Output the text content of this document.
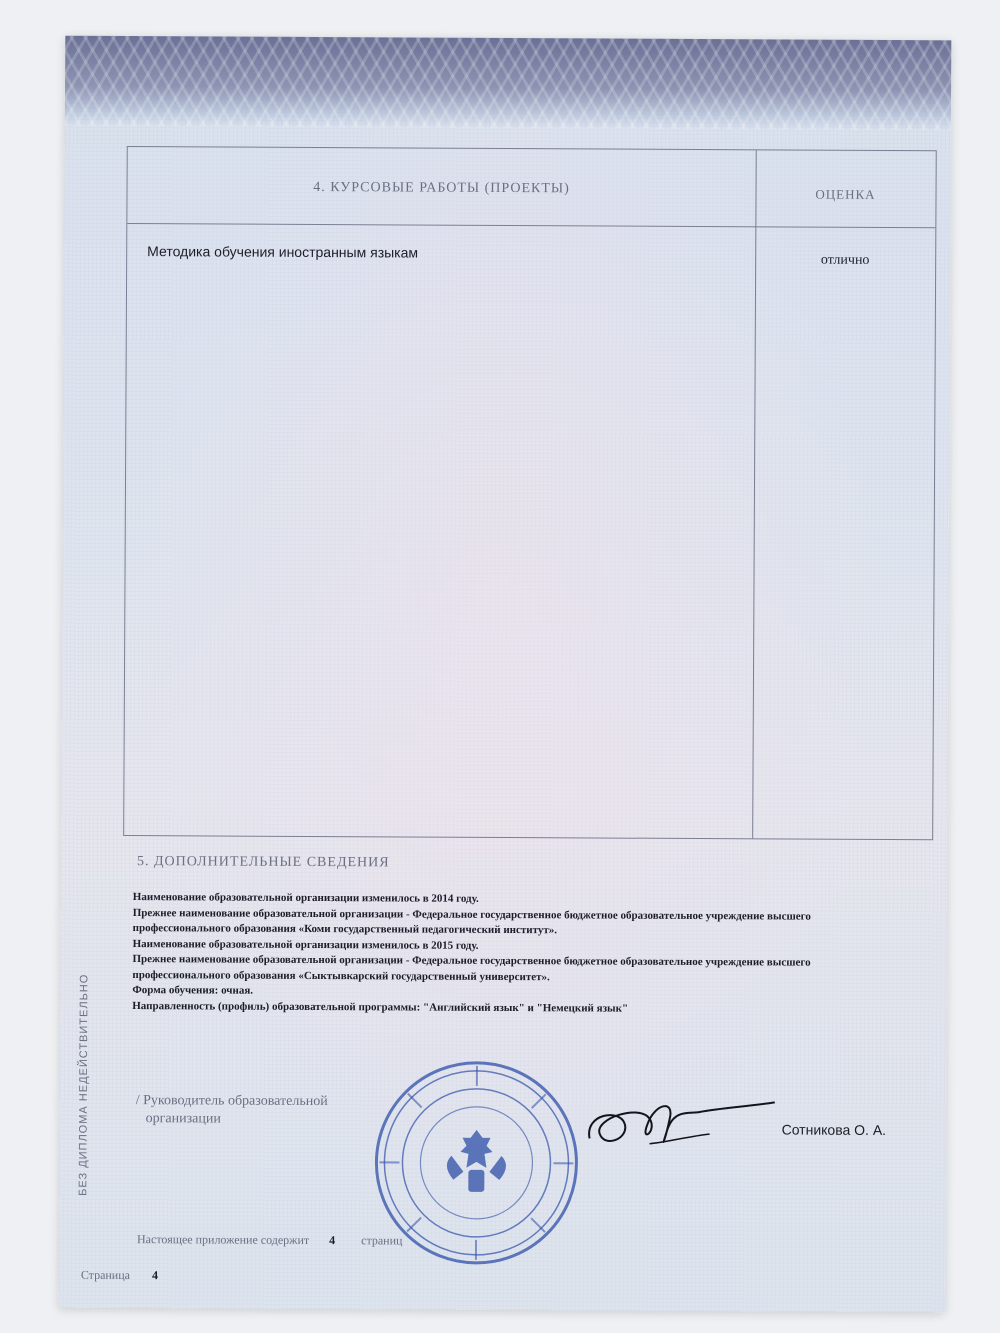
4. КУРСОВЫЕ РАБОТЫ (ПРОЕКТЫ)	ОЦЕНКА
Методика обучения иностранным языкам	отлично
5. ДОПОЛНИТЕЛЬНЫЕ СВЕДЕНИЯ
Наименование образовательной организации изменилось в 2014 году.
Прежнее наименование образовательной организации - Федеральное государственное бюджетное образовательное учреждение высшего
профессионального образования «Коми государственный педагогический институт».
Наименование образовательной организации изменилось в 2015 году.
Прежнее наименование образовательной организации - Федеральное государственное бюджетное образовательное учреждение высшего
профессионального образования «Сыктывкарский государственный университет».
Форма обучения: очная.
Направленность (профиль) образовательной программы: "Английский язык" и "Немецкий язык"
БЕЗ ДИПЛОМА НЕДЕЙСТВИТЕЛЬНО	/ Руководитель образовательной
организации
Сотникова О. А.
Настоящее приложение содержит 4 страниц
Страница 4
